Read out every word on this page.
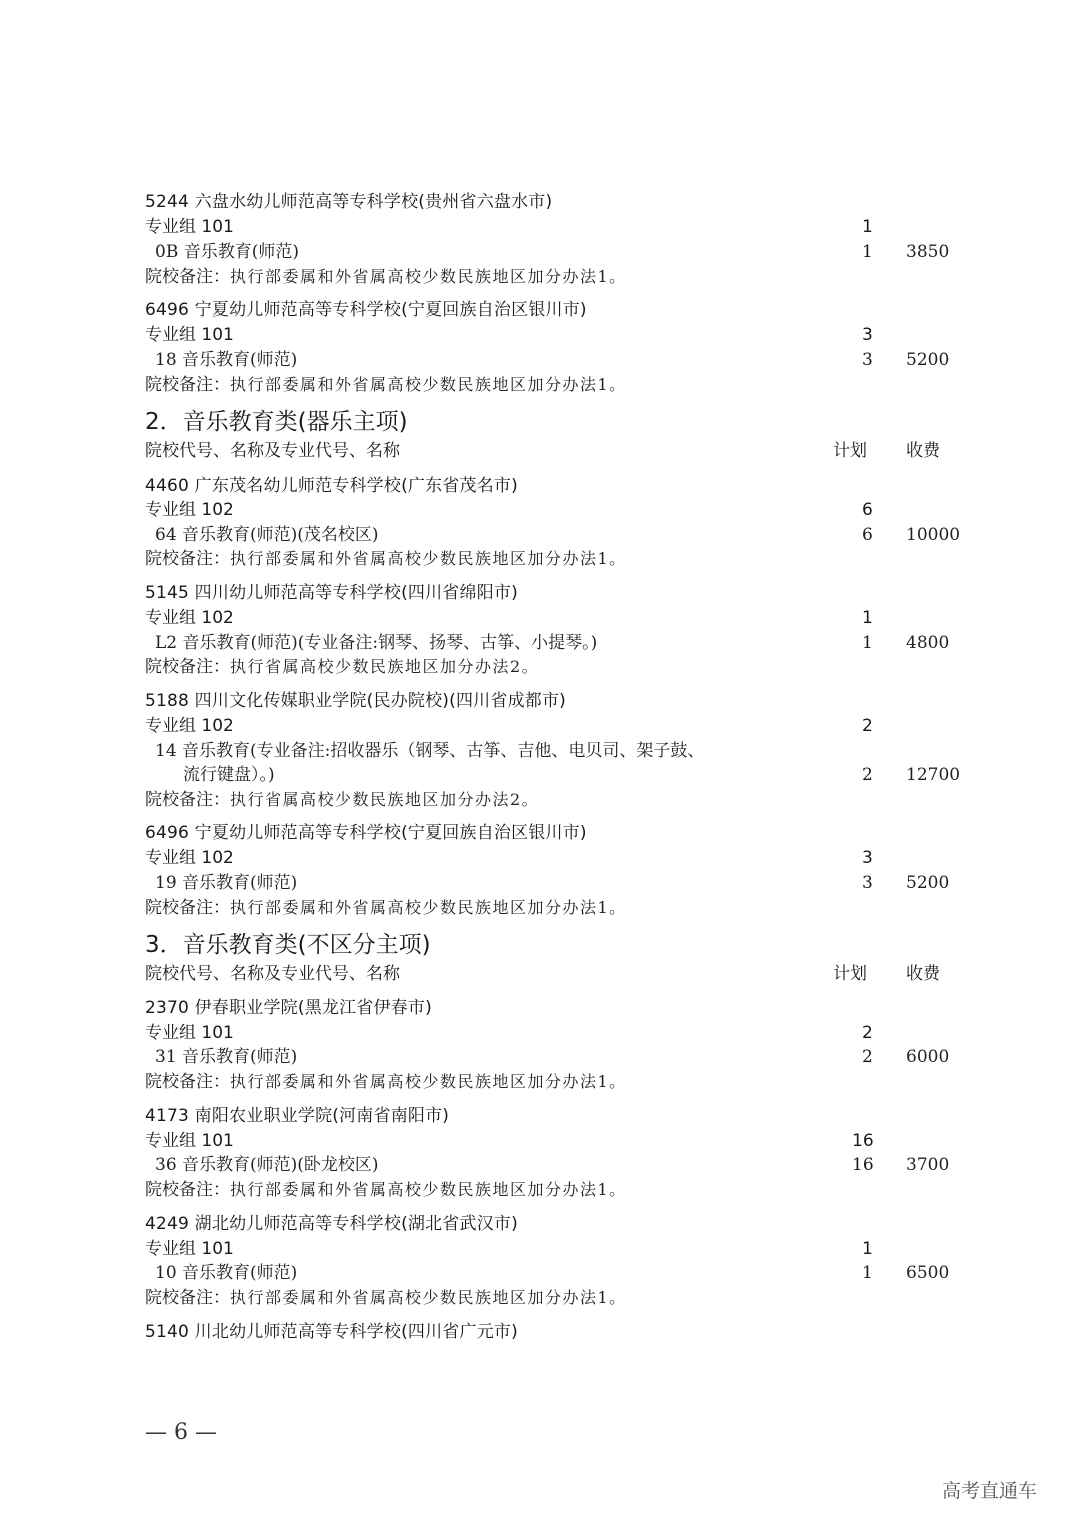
5244 六盘水幼儿师范高等专科学校(贵州省六盘水市)
专业组 101	1
0B 音乐教育(师范)	1 3850
院校备注：执行部委属和外省属高校少数民族地区加分办法1。
6496 宁夏幼儿师范高等专科学校(宁夏回族自治区银川市)
专业组 101	3
18 音乐教育(师范)	3 5200
院校备注：执行部委属和外省属高校少数民族地区加分办法1。
2．音乐教育类(器乐主项)
院校代号、名称及专业代号、名称	计划 收费
4460 广东茂名幼儿师范专科学校(广东省茂名市)
专业组 102	6
64 音乐教育(师范)(茂名校区)	6 10000
院校备注：执行部委属和外省属高校少数民族地区加分办法1。
5145 四川幼儿师范高等专科学校(四川省绵阳市)
专业组 102	1
L2 音乐教育(师范)(专业备注:钢琴、扬琴、古筝、小提琴。)	1 4800
院校备注：执行省属高校少数民族地区加分办法2。
5188 四川文化传媒职业学院(民办院校)(四川省成都市)
专业组 102	2
14 音乐教育(专业备注:招收器乐（钢琴、古筝、吉他、电贝司、架子鼓、
流行键盘）。)	2 12700
院校备注：执行省属高校少数民族地区加分办法2。
6496 宁夏幼儿师范高等专科学校(宁夏回族自治区银川市)
专业组 102	3
19 音乐教育(师范)	3 5200
院校备注：执行部委属和外省属高校少数民族地区加分办法1。
3．音乐教育类(不区分主项)
院校代号、名称及专业代号、名称	计划 收费
2370 伊春职业学院(黑龙江省伊春市)
专业组 101	2
31 音乐教育(师范)	2 6000
院校备注：执行部委属和外省属高校少数民族地区加分办法1。
4173 南阳农业职业学院(河南省南阳市)
专业组 101	16
36 音乐教育(师范)(卧龙校区)	16 3700
院校备注：执行部委属和外省属高校少数民族地区加分办法1。
4249 湖北幼儿师范高等专科学校(湖北省武汉市)
专业组 101	1
10 音乐教育(师范)	1 6500
院校备注：执行部委属和外省属高校少数民族地区加分办法1。
5140 川北幼儿师范高等专科学校(四川省广元市)
— 6 —
高考直通车
